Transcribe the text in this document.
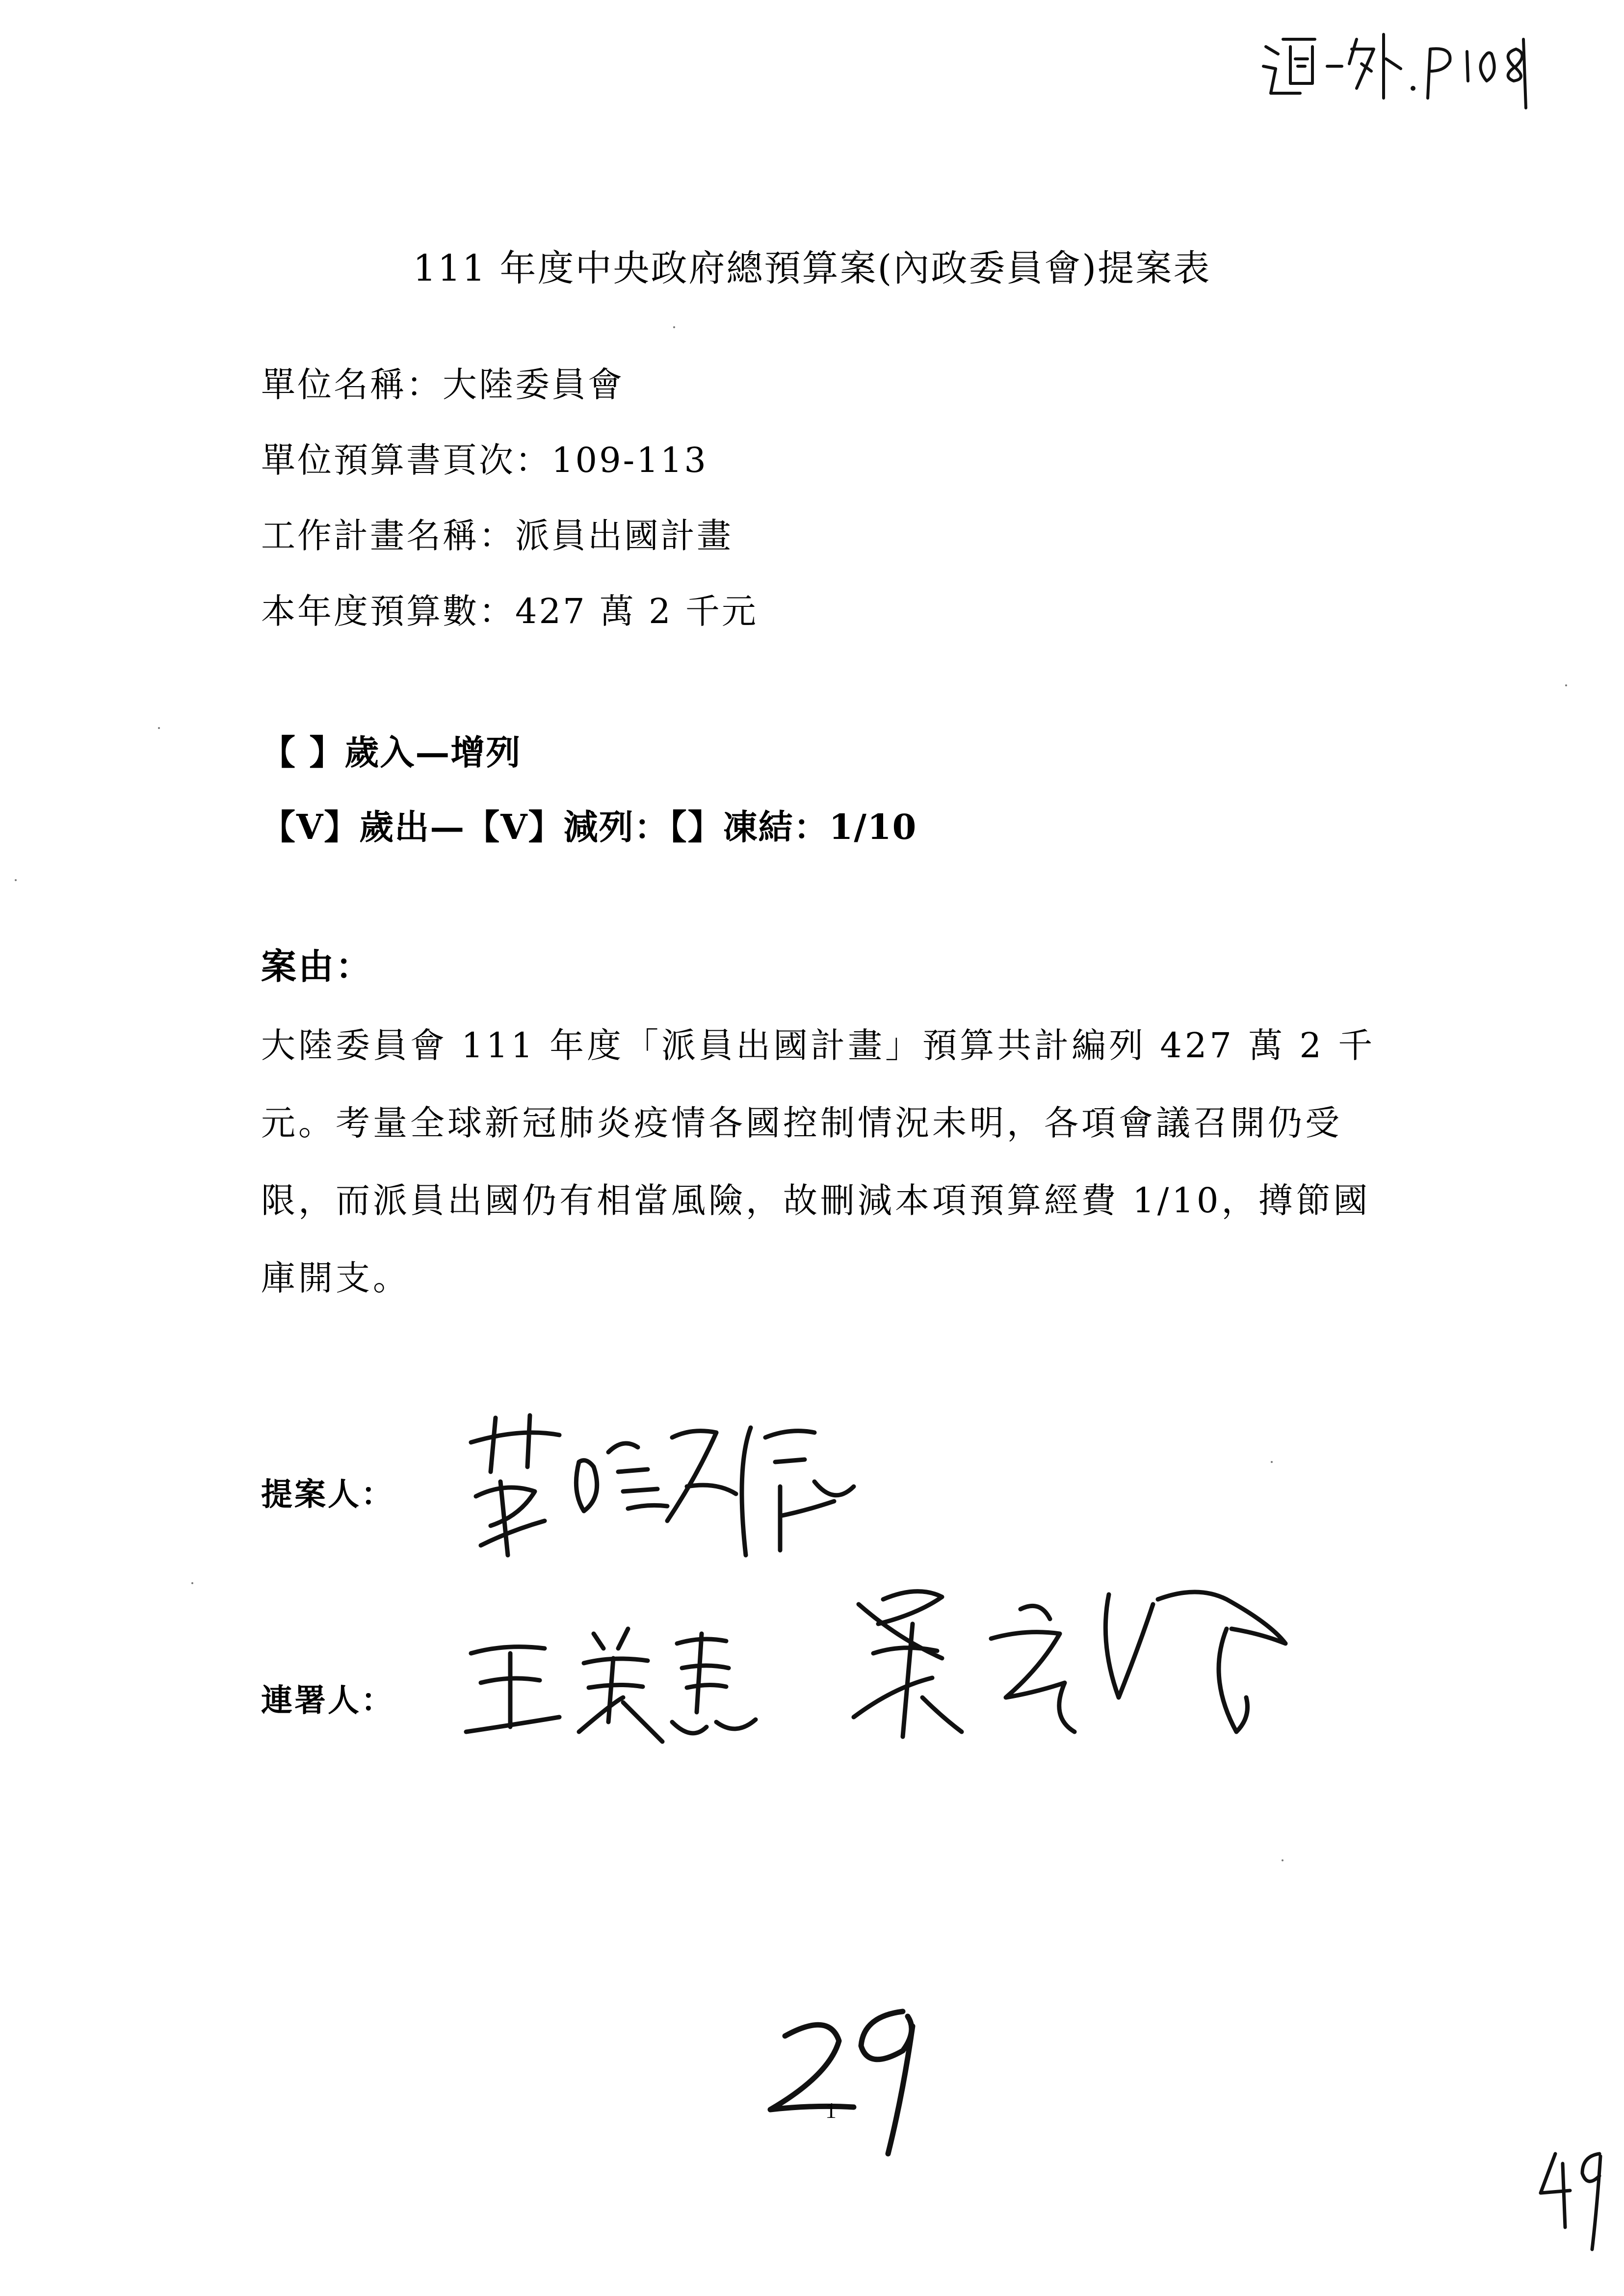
111 年度中央政府總預算案(內政委員會)提案表
單位名稱：大陸委員會
單位預算書頁次：109-113
工作計畫名稱：派員出國計畫
本年度預算數：427 萬 2 千元
【 】歲入—增列
【V】歲出—【V】減列：【】凍結：1/10
案由：
大陸委員會 111 年度「派員出國計畫」預算共計編列 427 萬 2 千
元。考量全球新冠肺炎疫情各國控制情況未明，各項會議召開仍受
限，而派員出國仍有相當風險，故刪減本項預算經費 1/10，撙節國
庫開支。
提案人：
連署人：
1
